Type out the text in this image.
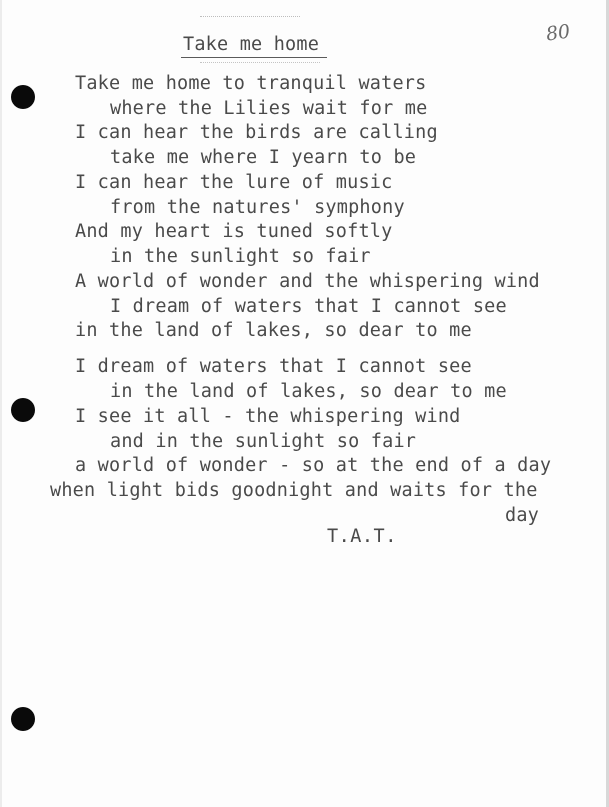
80
Take me home
Take me home to tranquil waters
where the Lilies wait for me
I can hear the birds are calling
take me where I yearn to be
I can hear the lure of music
from the natures' symphony
And my heart is tuned softly
in the sunlight so fair
A world of wonder and the whispering wind
I dream of waters that I cannot see
in the land of lakes, so dear to me
I dream of waters that I cannot see
in the land of lakes, so dear to me
I see it all - the whispering wind
and in the sunlight so fair
a world of wonder - so at the end of a day
when light bids goodnight and waits for the
day
T.A.T.
